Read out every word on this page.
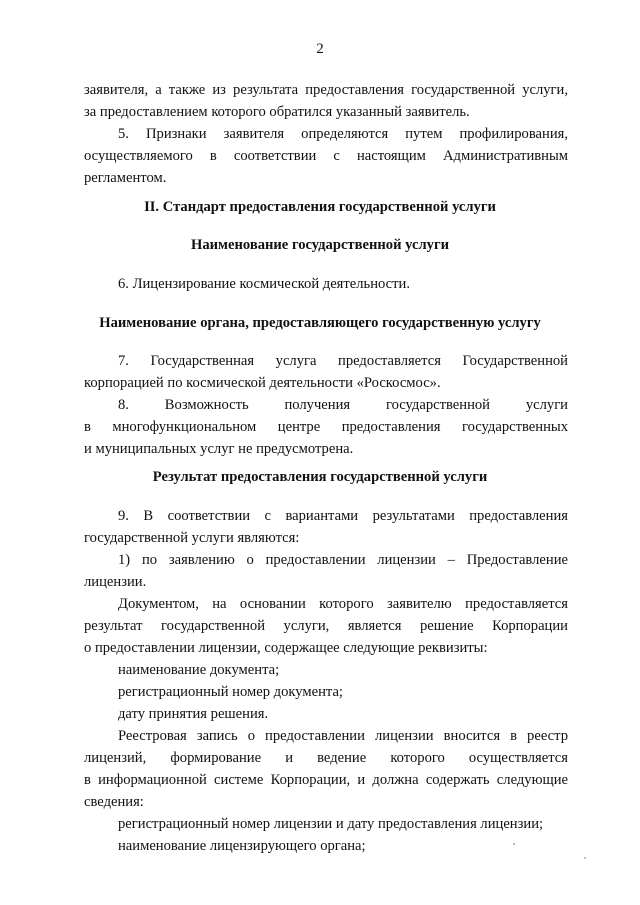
2
заявителя, а также из результата предоставления государственной услуги,
за предоставлением которого обратился указанный заявитель.
5. Признаки заявителя определяются путем профилирования,
осуществляемого в соответствии с настоящим Административным
регламентом.
II. Стандарт предоставления государственной услуги
Наименование государственной услуги
6. Лицензирование космической деятельности.
Наименование органа, предоставляющего государственную услугу
7. Государственная услуга предоставляется Государственной
корпорацией по космической деятельности «Роскосмос».
8. Возможность получения государственной услуги
в многофункциональном центре предоставления государственных
и муниципальных услуг не предусмотрена.
Результат предоставления государственной услуги
9. В соответствии с вариантами результатами предоставления
государственной услуги являются:
1) по заявлению о предоставлении лицензии – Предоставление
лицензии.
Документом, на основании которого заявителю предоставляется
результат государственной услуги, является решение Корпорации
о предоставлении лицензии, содержащее следующие реквизиты:
наименование документа;
регистрационный номер документа;
дату принятия решения.
Реестровая запись о предоставлении лицензии вносится в реестр
лицензий, формирование и ведение которого осуществляется
в информационной системе Корпорации, и должна содержать следующие
сведения:
регистрационный номер лицензии и дату предоставления лицензии;
наименование лицензирующего органа;
